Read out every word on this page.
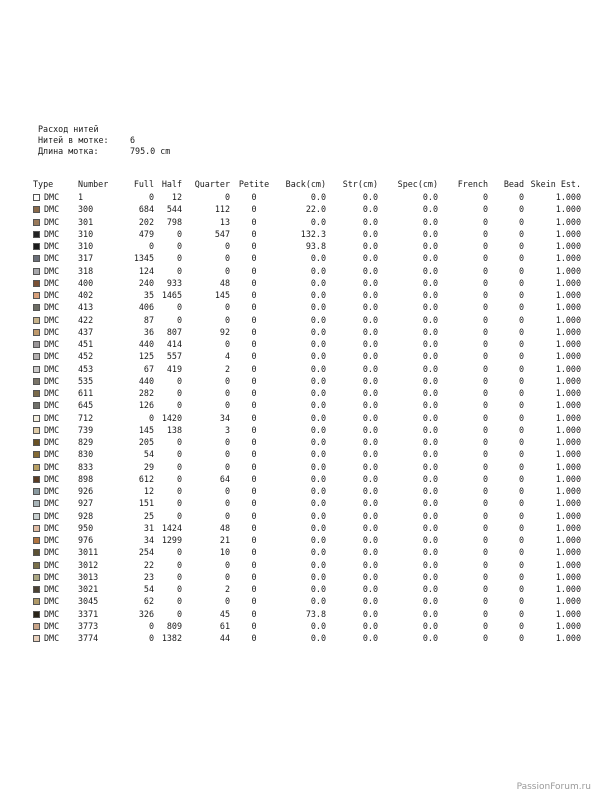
Расход нитей
Нитей в мотке:	6
Длина мотка:	795.0 cm
Type	Number	Full	Half	Quarter	Petite	Back(cm)	Str(cm)	Spec(cm)	French	Bead	Skein Est.
DMC	1	0	12	0	0	0.0	0.0	0.0	0	0	1.000
DMC	300	684	544	112	0	22.0	0.0	0.0	0	0	1.000
DMC	301	202	798	13	0	0.0	0.0	0.0	0	0	1.000
DMC	310	479	0	547	0	132.3	0.0	0.0	0	0	1.000
DMC	310	0	0	0	0	93.8	0.0	0.0	0	0	1.000
DMC	317	1345	0	0	0	0.0	0.0	0.0	0	0	1.000
DMC	318	124	0	0	0	0.0	0.0	0.0	0	0	1.000
DMC	400	240	933	48	0	0.0	0.0	0.0	0	0	1.000
DMC	402	35	1465	145	0	0.0	0.0	0.0	0	0	1.000
DMC	413	406	0	0	0	0.0	0.0	0.0	0	0	1.000
DMC	422	87	0	0	0	0.0	0.0	0.0	0	0	1.000
DMC	437	36	807	92	0	0.0	0.0	0.0	0	0	1.000
DMC	451	440	414	0	0	0.0	0.0	0.0	0	0	1.000
DMC	452	125	557	4	0	0.0	0.0	0.0	0	0	1.000
DMC	453	67	419	2	0	0.0	0.0	0.0	0	0	1.000
DMC	535	440	0	0	0	0.0	0.0	0.0	0	0	1.000
DMC	611	282	0	0	0	0.0	0.0	0.0	0	0	1.000
DMC	645	126	0	0	0	0.0	0.0	0.0	0	0	1.000
DMC	712	0	1420	34	0	0.0	0.0	0.0	0	0	1.000
DMC	739	145	138	3	0	0.0	0.0	0.0	0	0	1.000
DMC	829	205	0	0	0	0.0	0.0	0.0	0	0	1.000
DMC	830	54	0	0	0	0.0	0.0	0.0	0	0	1.000
DMC	833	29	0	0	0	0.0	0.0	0.0	0	0	1.000
DMC	898	612	0	64	0	0.0	0.0	0.0	0	0	1.000
DMC	926	12	0	0	0	0.0	0.0	0.0	0	0	1.000
DMC	927	151	0	0	0	0.0	0.0	0.0	0	0	1.000
DMC	928	25	0	0	0	0.0	0.0	0.0	0	0	1.000
DMC	950	31	1424	48	0	0.0	0.0	0.0	0	0	1.000
DMC	976	34	1299	21	0	0.0	0.0	0.0	0	0	1.000
DMC	3011	254	0	10	0	0.0	0.0	0.0	0	0	1.000
DMC	3012	22	0	0	0	0.0	0.0	0.0	0	0	1.000
DMC	3013	23	0	0	0	0.0	0.0	0.0	0	0	1.000
DMC	3021	54	0	2	0	0.0	0.0	0.0	0	0	1.000
DMC	3045	62	0	0	0	0.0	0.0	0.0	0	0	1.000
DMC	3371	326	0	45	0	73.8	0.0	0.0	0	0	1.000
DMC	3773	0	809	61	0	0.0	0.0	0.0	0	0	1.000
DMC	3774	0	1382	44	0	0.0	0.0	0.0	0	0	1.000
PassionForum.ru
